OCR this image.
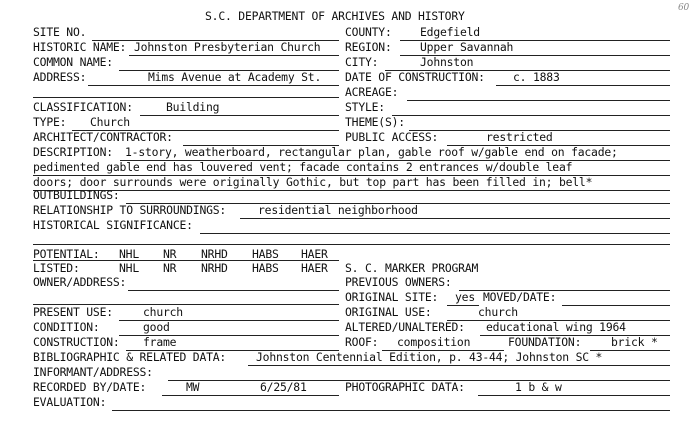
60
S.C. DEPARTMENT OF ARCHIVES AND HISTORY
SITE NO.	COUNTY: Edgefield
HISTORIC NAME: Johnston Presbyterian Church REGION: Upper Savannah
COMMON NAME:	CITY:	Johnston
ADDRESS:	Mims Avenue at Academy St. DATE OF CONSTRUCTION: c. 1883
ACREAGE:
CLASSIFICATION:	Building	STYLE:
TYPE: Church	THEME(S):
ARCHITECT/CONTRACTOR:	PUBLIC ACCESS:	restricted
DESCRIPTION: 1-story, weatherboard, rectangular plan, gable roof w/gable end on facade;
pedimented gable end has louvered vent; facade contains 2 entrances w/double leaf
doors; door surrounds were originally Gothic, but top part has been filled in; bell*
OUTBUILDINGS:
RELATIONSHIP TO SURROUNDINGS:	residential neighborhood
HISTORICAL SIGNIFICANCE:
POTENTIAL: NHL NR NRHD HABS HAER
LISTED:	NHL NR NRHD HABS HAER S. C. MARKER PROGRAM
OWNER/ADDRESS:	PREVIOUS OWNERS:
ORIGINAL SITE: yes MOVED/DATE:
PRESENT USE:	church	ORIGINAL USE:	church
CONDITION:	good	ALTERED/UNALTERED: educational wing 1964
CONSTRUCTION: frame	ROOF: composition	FOUNDATION:	brick *
BIBLIOGRAPHIC & RELATED DATA:	Johnston Centennial Edition, p. 43-44; Johnston SC *
INFORMANT/ADDRESS:
RECORDED BY/DATE:	MW	6/25/81	PHOTOGRAPHIC DATA:	1 b & w
EVALUATION:
